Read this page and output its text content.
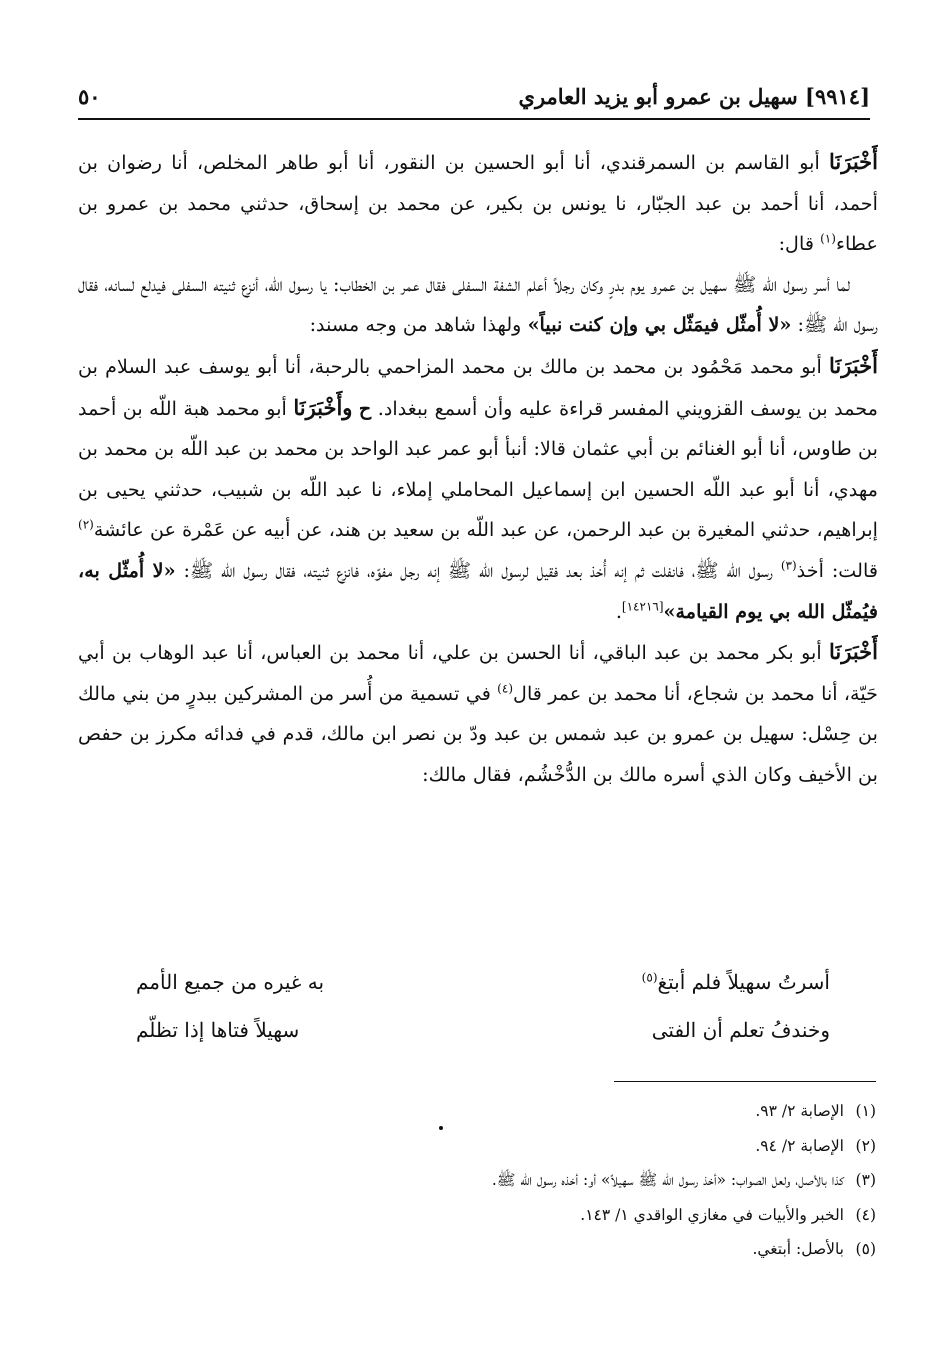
[٩٩١٤] سهيل بن عمرو أبو يزيد العامري
٥٠

أَخْبَرَنَا أبو القاسم بن السمرقندي، أنا أبو الحسين بن النقور، أنا أبو طاهر المخلص، أنا رضوان بن أحمد، أنا أحمد بن عبد الجبّار، نا يونس بن بكير، عن محمد بن إسحاق، حدثني محمد بن عمرو بن عطاء$^{(١)}$ قال:

لما أسر رسول الله ﷺ سهيل بن عمرو يوم بدرٍ وكان رجلاً أعلم الشفة السفلى فقال عمر بن الخطاب: يا رسول الله، أنزع ثنيته السفلى فيدلع لسانه، فقال رسول الله ﷺ: «لا أُمثّل فيمَثّل بي وإن كنت نبياً» ولهذا شاهد من وجه مسند:

أَخْبَرَنَا أبو محمد مَحْمُود بن محمد بن مالك بن محمد المزاحمي بالرحبة، أنا أبو يوسف عبد السلام بن محمد بن يوسف القزويني المفسر قراءة عليه وأن أسمع ببغداد. ح وأَخْبَرَنَا أبو محمد هبة اللّه بن أحمد بن طاوس، أنا أبو الغنائم بن أبي عثمان قالا: أنبأ أبو عمر عبد الواحد بن محمد بن عبد اللّه بن محمد بن مهدي، أنا أبو عبد اللّه الحسين ابن إسماعيل المحاملي إملاء، نا عبد اللّه بن شبيب، حدثني يحيى بن إبراهيم، حدثني المغيرة بن عبد الرحمن، عن عبد اللّه بن سعيد بن هند، عن أبيه عن عَمْرة عن عائشة$^{(٢)}$ قالت: أخذ$^{(٣)}$ رسول الله ﷺ، فانفلت ثم إنه أُخذ بعد فقيل لرسول الله ﷺ إنه رجل مفوّه، فانزع ثنيته، فقال رسول الله ﷺ: «لا أُمثّل به، فيُمثّل الله بي يوم القيامة»[١٤٢١٦].

أَخْبَرَنَا أبو بكر محمد بن عبد الباقي، أنا الحسن بن علي، أنا محمد بن العباس، أنا عبد الوهاب بن أبي حَيّة، أنا محمد بن شجاع، أنا محمد بن عمر قال$^{(٤)}$ في تسمية من أُسر من المشركين ببدرٍ من بني مالك بن حِسْل: سهيل بن عمرو بن عبد شمس بن عبد ودّ بن نصر ابن مالك، قدم في فدائه مكرز بن حفص بن الأخيف وكان الذي أسره مالك بن الدُّخْشُم، فقال مالك:

أسرتُ سهيلاً فلم أبتغ$^{(٥)}$
به غيره من جميع الأمم
وخندفُ تعلم أن الفتى
سهيلاً فتاها إذا تظلّم
(١)الإصابة ٢/ ٩٣.
(٢)الإصابة ٢/ ٩٤.
(٣)كذا بالأصل، ولعل الصواب: «أخذ رسول الله ﷺ سهيلاً» أو: أخذه رسول الله ﷺ.
(٤)الخبر والأبيات في مغازي الواقدي ١/ ١٤٣.
(٥)بالأصل: أبتغي.
